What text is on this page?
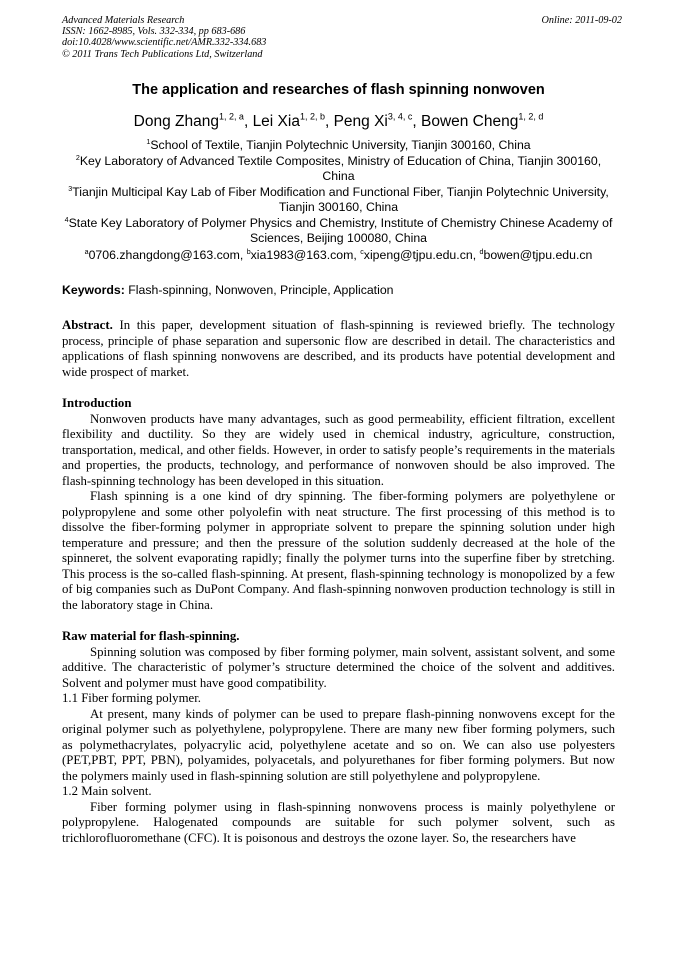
Advanced Materials Research
ISSN: 1662-8985, Vols. 332-334, pp 683-686
doi:10.4028/www.scientific.net/AMR.332-334.683
© 2011 Trans Tech Publications Ltd, Switzerland
Online: 2011-09-02
The application and researches of flash spinning nonwoven
Dong Zhang$^{1, 2, a}$, Lei Xia$^{1, 2, b}$, Peng Xi$^{3, 4, c}$, Bowen Cheng$^{1, 2, d}$

$^1$School of Textile, Tianjin Polytechnic University, Tianjin 300160, China

$^2$Key Laboratory of Advanced Textile Composites, Ministry of Education of China, Tianjin 300160, China

$^3$Tianjin Multicipal Kay Lab of Fiber Modification and Functional Fiber, Tianjin Polytechnic University, Tianjin 300160, China

$^4$State Key Laboratory of Polymer Physics and Chemistry, Institute of Chemistry Chinese Academy of Sciences, Beijing 100080, China

$^a$0706.zhangdong@163.com, $^b$xia1983@163.com, $^c$xipeng@tjpu.edu.cn, $^d$bowen@tjpu.edu.cn
Keywords: Flash-spinning, Nonwoven, Principle, Application

Abstract. In this paper, development situation of flash-spinning is reviewed briefly. The technology process, principle of phase separation and supersonic flow are described in detail. The characteristics and applications of flash spinning nonwovens are described, and its products have potential development and wide prospect of market.

Introduction

Nonwoven products have many advantages, such as good permeability, efficient filtration, excellent flexibility and ductility. So they are widely used in chemical industry, agriculture, construction, transportation, medical, and other fields. However, in order to satisfy people’s requirements in the materials and properties, the products, technology, and performance of nonwoven should be also improved. The flash-spinning technology has been developed in this situation.

Flash spinning is a one kind of dry spinning. The fiber-forming polymers are polyethylene or polypropylene and some other polyolefin with neat structure. The first processing of this method is to dissolve the fiber-forming polymer in appropriate solvent to prepare the spinning solution under high temperature and pressure; and then the pressure of the solution suddenly decreased at the hole of the spinneret, the solvent evaporating rapidly; finally the polymer turns into the superfine fiber by stretching. This process is the so-called flash-spinning. At present, flash-spinning technology is monopolized by a few of big companies such as DuPont Company. And flash-spinning nonwoven production technology is still in the laboratory stage in China.

Raw material for flash-spinning.

Spinning solution was composed by fiber forming polymer, main solvent, assistant solvent, and some additive. The characteristic of polymer’s structure determined the choice of the solvent and additives. Solvent and polymer must have good compatibility.

1.1 Fiber forming polymer.

At present, many kinds of polymer can be used to prepare flash-pinning nonwovens except for the original polymer such as polyethylene, polypropylene. There are many new fiber forming polymers, such as polymethacrylates, polyacrylic acid, polyethylene acetate and so on. We can also use polyesters (PET,PBT, PPT, PBN), polyamides, polyacetals, and polyurethanes for fiber forming polymers. But now the polymers mainly used in flash-spinning solution are still polyethylene and polypropylene.

1.2 Main solvent.

Fiber forming polymer using in flash-spinning nonwovens process is mainly polyethylene or polypropylene. Halogenated compounds are suitable for such polymer solvent, such as trichlorofluoromethane (CFC). It is poisonous and destroys the ozone layer. So, the researchers have
